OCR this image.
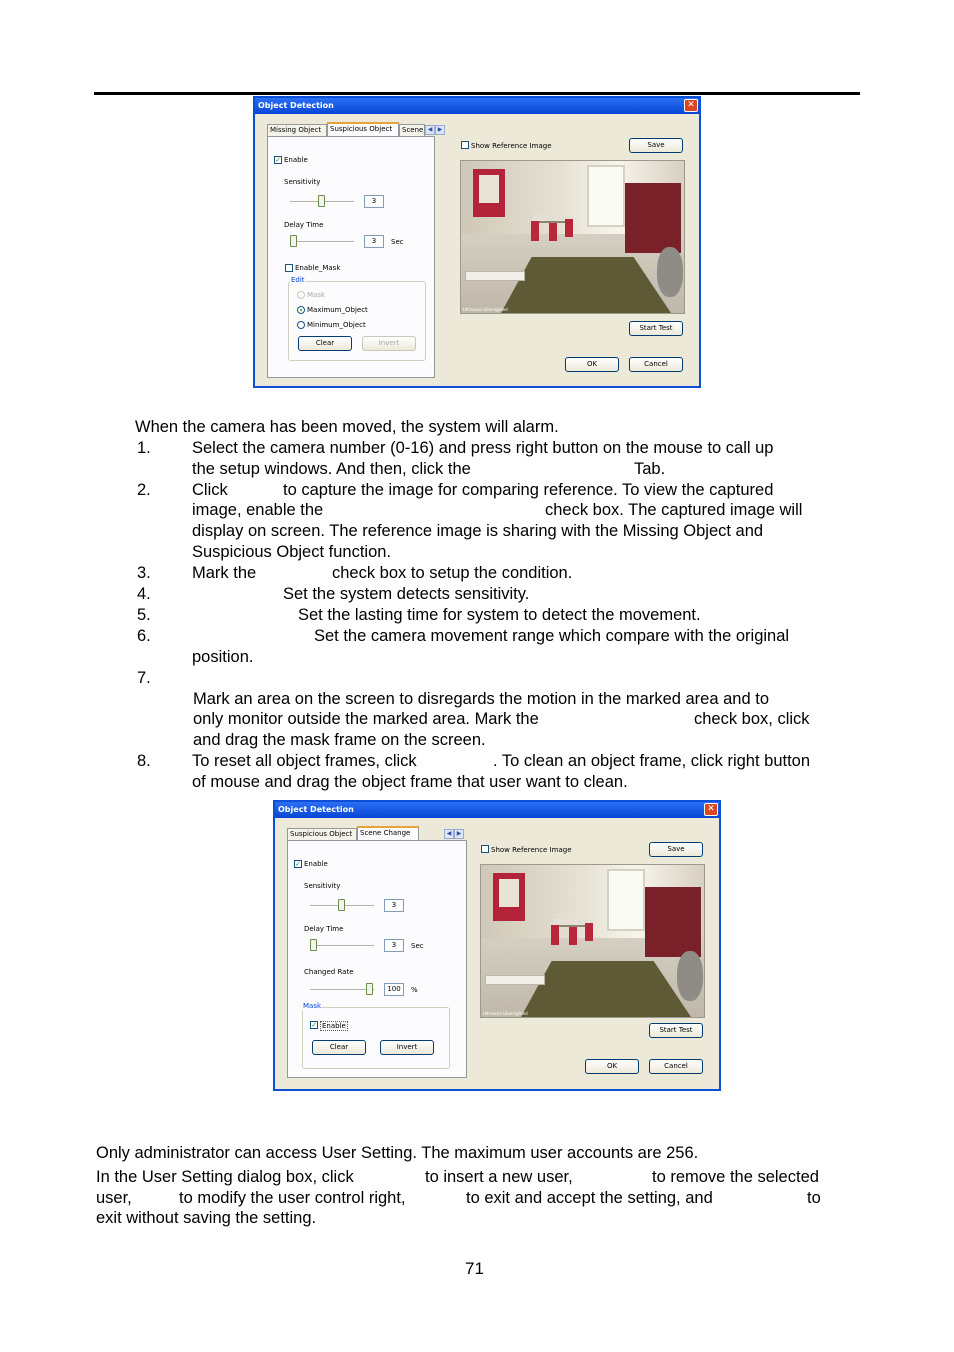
Object Detection	✕
Missing Object	Suspicious Object	Scene ◀ ▶
✓ Enable
Sensitivity
3
Delay Time
3	Sec
Enable_Mask
Edit
Mask
Maximum_Object
Minimum_Object
Clear	Invert
Show Reference Image	Save
Ultrascan Ubersighted
Start Test
OK	Cancel
When the camera has been moved, the system will alarm.
1. Select the camera number (0-16) and press right button on the mouse to call up
the setup windows. And then, click the	Tab.
2. Click	to capture the image for comparing reference. To view the captured
image, enable the	check box. The captured image will
display on screen. The reference image is sharing with the Missing Object and
Suspicious Object function.
3. Mark the	check box to setup the condition.
4.	Set the system detects sensitivity.
5.	Set the lasting time for system to detect the movement.
6.	Set the camera movement range which compare with the original
position.
7.
Mark an area on the screen to disregards the motion in the marked area and to
only monitor outside the marked area. Mark the	check box, click
and drag the mask frame on the screen.
8. To reset all object frames, click	. To clean an object frame, click right button
of mouse and drag the object frame that user want to clean.
Object Detection	✕
Suspicious Object	Scene Change	◀ ▶
✓ Enable
Sensitivity
3
Delay Time
3	Sec
Changed Rate
100	%
Mask
✓ Enable
Clear	Invert
Show Reference Image	Save
Ultrascan Ubersighted
Start Test
OK	Cancel
Only administrator can access User Setting. The maximum user accounts are 256.
In the User Setting dialog box, click	to insert a new user,	to remove the selected
user,	to modify the user control right,	to exit and accept the setting, and	to
exit without saving the setting.
71
